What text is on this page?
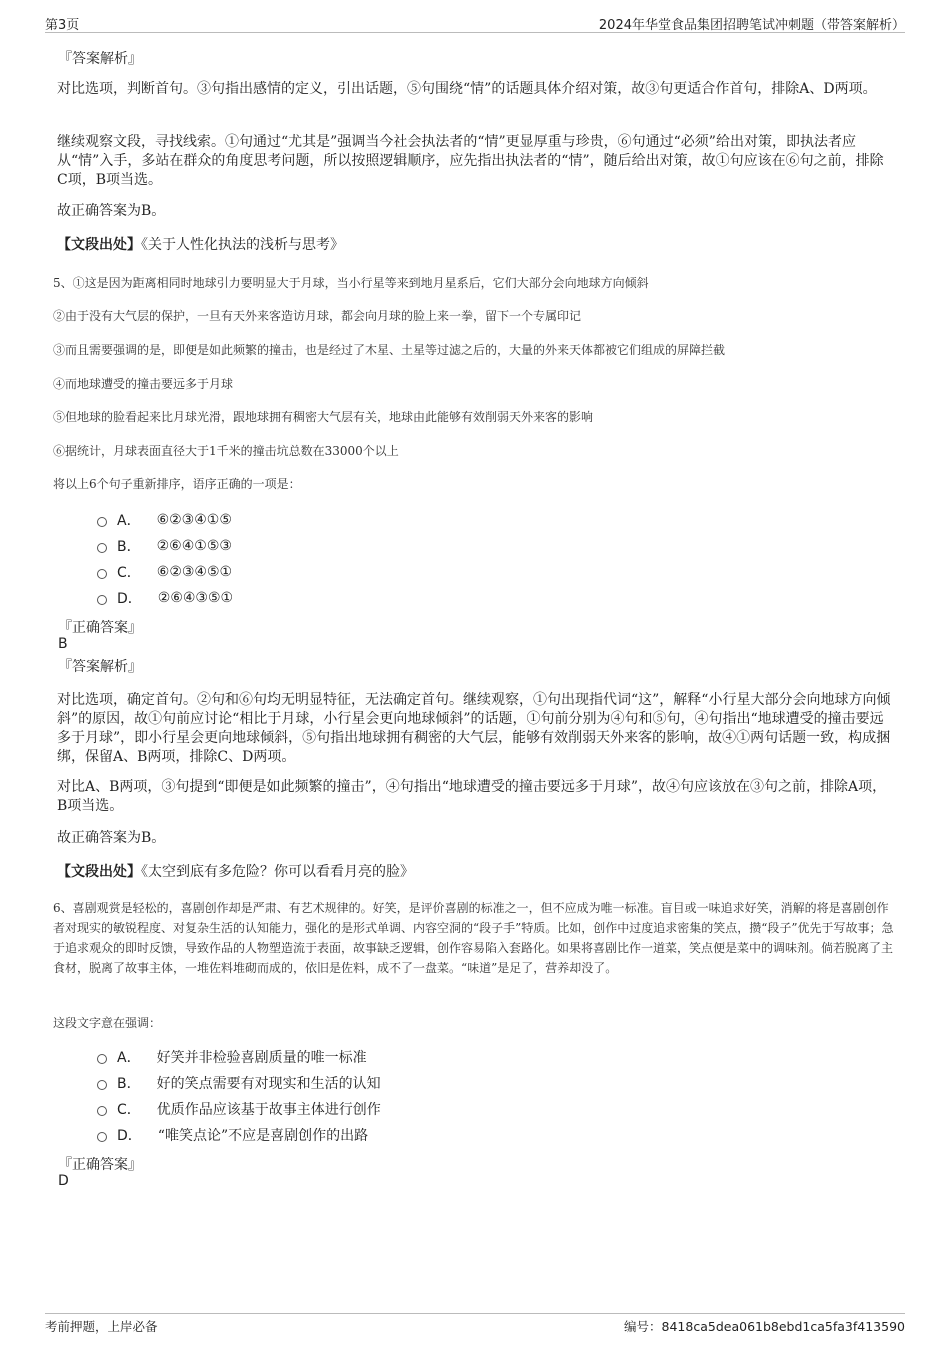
第3页	2024年华堂食品集团招聘笔试冲刺题（带答案解析）
『答案解析』
对比选项，判断首句。③句指出感情的定义，引出话题，⑤句围绕“情”的话题具体介绍对策，故③句更适合作首句，排除A、D两项。
继续观察文段，寻找线索。①句通过“尤其是”强调当今社会执法者的“情”更显厚重与珍贵，⑥句通过“必须”给出对策，即执法者应从“情”入手，多站在群众的角度思考问题，所以按照逻辑顺序，应先指出执法者的“情”，随后给出对策，故①句应该在⑥句之前，排除C项，B项当选。
故正确答案为B。
【文段出处】《关于人性化执法的浅析与思考》
5、①这是因为距离相同时地球引力要明显大于月球，当小行星等来到地月星系后，它们大部分会向地球方向倾斜
②由于没有大气层的保护，一旦有天外来客造访月球，都会向月球的脸上来一拳，留下一个专属印记
③而且需要强调的是，即便是如此频繁的撞击，也是经过了木星、土星等过滤之后的，大量的外来天体都被它们组成的屏障拦截
④而地球遭受的撞击要远多于月球
⑤但地球的脸看起来比月球光滑，跟地球拥有稠密大气层有关，地球由此能够有效削弱天外来客的影响
⑥据统计，月球表面直径大于1千米的撞击坑总数在33000个以上
将以上6个句子重新排序，语序正确的一项是：
A． ⑥②③④①⑤
B． ②⑥④①⑤③
C． ⑥②③④⑤①
D． ②⑥④③⑤①
『正确答案』
B
『答案解析』
对比选项，确定首句。②句和⑥句均无明显特征，无法确定首句。继续观察，①句出现指代词“这”，解释“小行星大部分会向地球方向倾斜”的原因，故①句前应讨论“相比于月球，小行星会更向地球倾斜”的话题，①句前分别为④句和⑤句，④句指出“地球遭受的撞击要远多于月球”，即小行星会更向地球倾斜，⑤句指出地球拥有稠密的大气层，能够有效削弱天外来客的影响，故④①两句话题一致，构成捆绑，保留A、B两项，排除C、D两项。
对比A、B两项，③句提到“即便是如此频繁的撞击”，④句指出“地球遭受的撞击要远多于月球”，故④句应该放在③句之前，排除A项，B项当选。
故正确答案为B。
【文段出处】《太空到底有多危险？你可以看看月亮的脸》
6、喜剧观赏是轻松的，喜剧创作却是严肃、有艺术规律的。好笑，是评价喜剧的标准之一，但不应成为唯一标准。盲目或一味追求好笑，消解的将是喜剧创作者对现实的敏锐程度、对复杂生活的认知能力，强化的是形式单调、内容空洞的“段子手”特质。比如，创作中过度追求密集的笑点，攒“段子”优先于写故事；急于追求观众的即时反馈，导致作品的人物塑造流于表面，故事缺乏逻辑，创作容易陷入套路化。如果将喜剧比作一道菜，笑点便是菜中的调味剂。倘若脱离了主食材，脱离了故事主体，一堆佐料堆砌而成的，依旧是佐料，成不了一盘菜。“味道”是足了，营养却没了。
这段文字意在强调：
A． 好笑并非检验喜剧质量的唯一标准
B． 好的笑点需要有对现实和生活的认知
C． 优质作品应该基于故事主体进行创作
D． “唯笑点论”不应是喜剧创作的出路
『正确答案』
D
考前押题，上岸必备	编号：8418ca5dea061b8ebd1ca5fa3f413590
